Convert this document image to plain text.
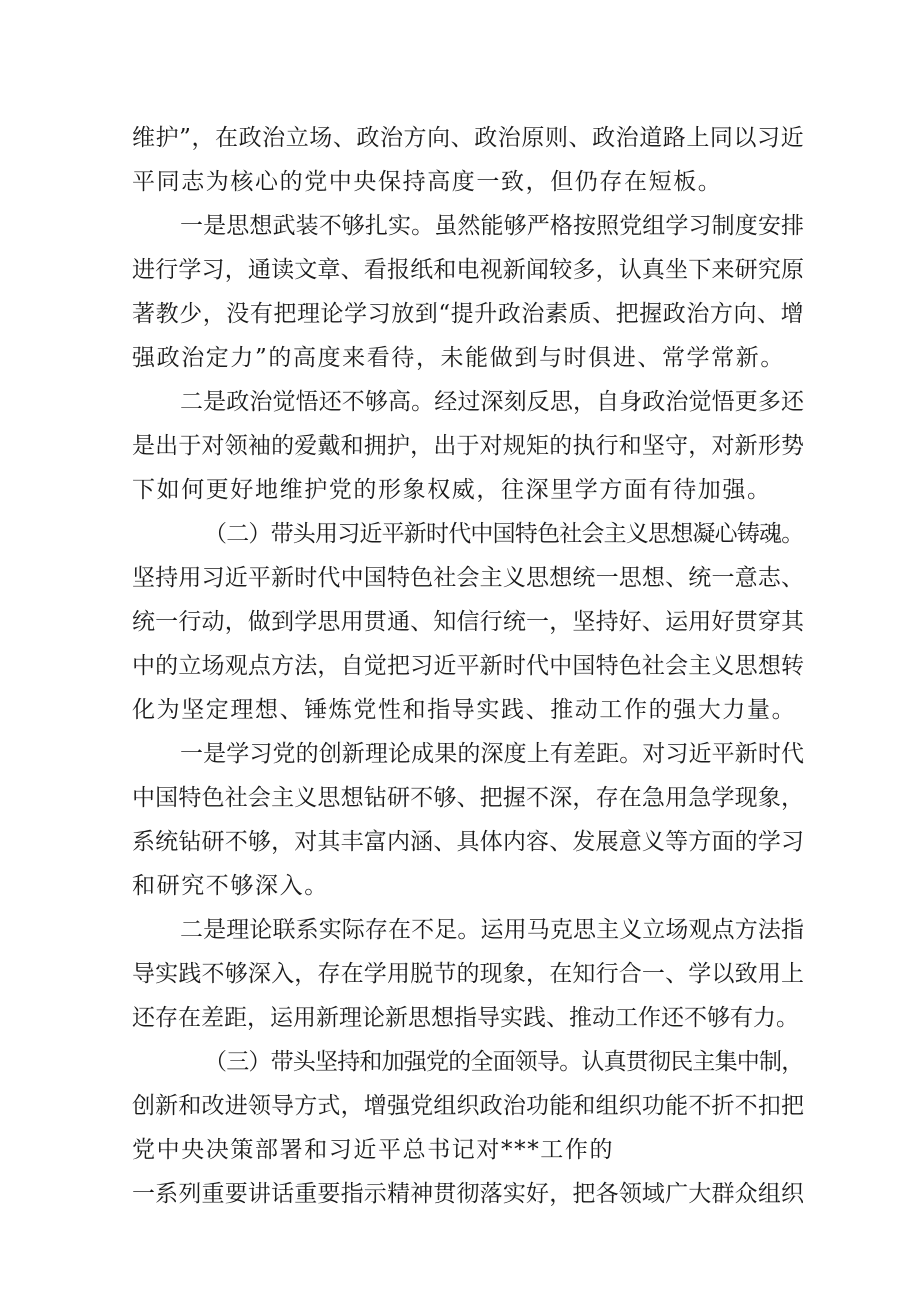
维护”，在政治立场、政治方向、政治原则、政治道路上同以习近
平同志为核心的党中央保持高度一致，但仍存在短板。
一是思想武装不够扎实。虽然能够严格按照党组学习制度安排
进行学习，通读文章、看报纸和电视新闻较多，认真坐下来研究原
著教少，没有把理论学习放到“提升政治素质、把握政治方向、增
强政治定力”的高度来看待，未能做到与时俱进、常学常新。
二是政治觉悟还不够高。经过深刻反思，自身政治觉悟更多还
是出于对领袖的爱戴和拥护，出于对规矩的执行和坚守，对新形势
下如何更好地维护党的形象权威，往深里学方面有待加强。
（二）带头用习近平新时代中国特色社会主义思想凝心铸魂。
坚持用习近平新时代中国特色社会主义思想统一思想、统一意志、
统一行动，做到学思用贯通、知信行统一，坚持好、运用好贯穿其
中的立场观点方法，自觉把习近平新时代中国特色社会主义思想转
化为坚定理想、锤炼党性和指导实践、推动工作的强大力量。
一是学习党的创新理论成果的深度上有差距。对习近平新时代
中国特色社会主义思想钻研不够、把握不深，存在急用急学现象，
系统钻研不够，对其丰富内涵、具体内容、发展意义等方面的学习
和研究不够深入。
二是理论联系实际存在不足。运用马克思主义立场观点方法指
导实践不够深入，存在学用脱节的现象，在知行合一、学以致用上
还存在差距，运用新理论新思想指导实践、推动工作还不够有力。
（三）带头坚持和加强党的全面领导。认真贯彻民主集中制，
创新和改进领导方式，增强党组织政治功能和组织功能不折不扣把
党中央决策部署和习近平总书记对***工作的
一系列重要讲话重要指示精神贯彻落实好，把各领域广大群众组织
